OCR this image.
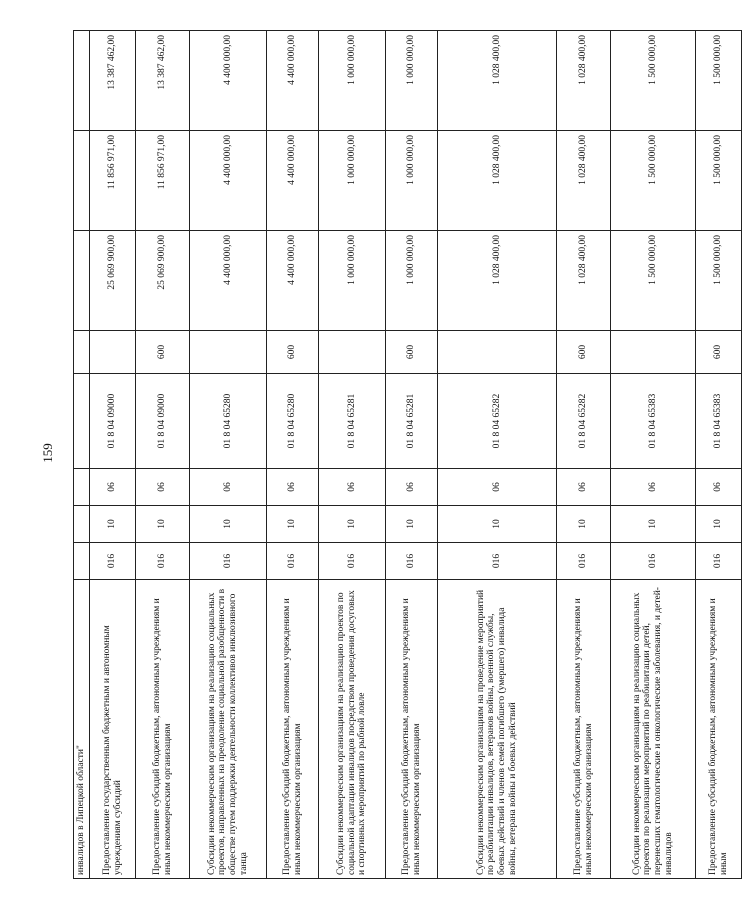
159
инвалидов в Липецкой области"								
Предоставление государственным бюджетным и автономным учреждениям субсидий	016	10	06	01 8 04 09000		25 069 900,00	11 856 971,00	13 387 462,00
Предоставление субсидий бюджетным, автономным учреждениям и иным некоммерческим организациям	016	10	06	01 8 04 09000	600	25 069 900,00	11 856 971,00	13 387 462,00
Субсидии некоммерческим организациям на реализацию социальных проектов, направленных на преодоление социальной разобщенности в обществе путем поддержки деятельности коллективов инклюзивного танца	016	10	06	01 8 04 65280		4 400 000,00	4 400 000,00	4 400 000,00
Предоставление субсидий бюджетным, автономным учреждениям и иным некоммерческим организациям	016	10	06	01 8 04 65280	600	4 400 000,00	4 400 000,00	4 400 000,00
Субсидии некоммерческим организациям на реализацию проектов по социальной адаптации инвалидов посредством проведения досуговых и спортивных мероприятий по рыбной ловле	016	10	06	01 8 04 65281		1 000 000,00	1 000 000,00	1 000 000,00
Предоставление субсидий бюджетным, автономным учреждениям и иным некоммерческим организациям	016	10	06	01 8 04 65281	600	1 000 000,00	1 000 000,00	1 000 000,00
Субсидии некоммерческим организациям на проведение мероприятий по реабилитации инвалидов, ветеранов войны, военной службы, боевых действий и членов семей погибшего (умершего) инвалида войны, ветерана войны и боевых действий	016	10	06	01 8 04 65282		1 028 400,00	1 028 400,00	1 028 400,00
Предоставление субсидий бюджетным, автономным учреждениям и иным некоммерческим организациям	016	10	06	01 8 04 65282	600	1 028 400,00	1 028 400,00	1 028 400,00
Субсидии некоммерческим организациям на реализацию социальных проектов по реализации мероприятий по реабилитации детей, перенесших гематологические и онкологические заболевания, и детей-инвалидов	016	10	06	01 8 04 65383		1 500 000,00	1 500 000,00	1 500 000,00
Предоставление субсидий бюджетным, автономным учреждениям и иным	016	10	06	01 8 04 65383	600	1 500 000,00	1 500 000,00	1 500 000,00
